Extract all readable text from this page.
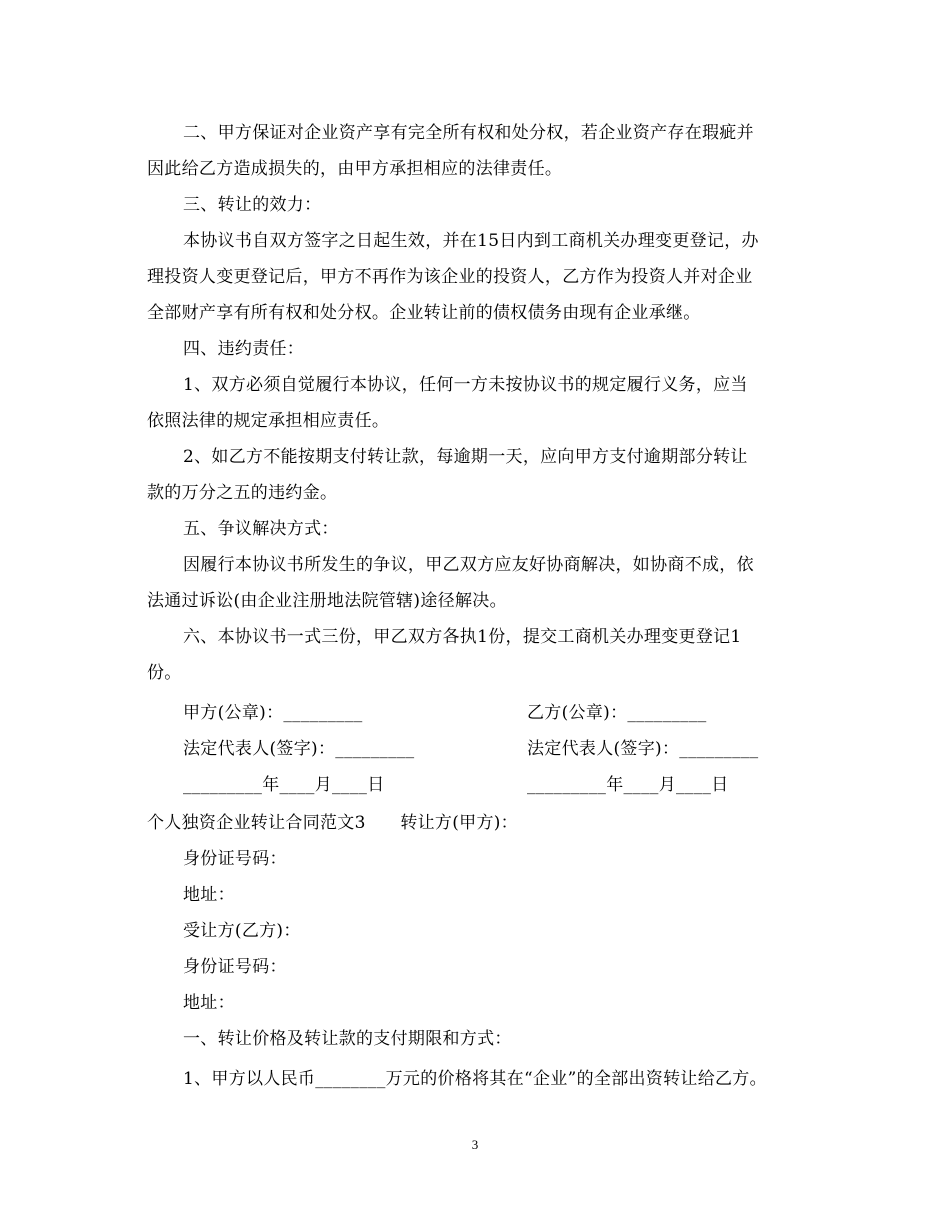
二、甲方保证对企业资产享有完全所有权和处分权，若企业资产存在瑕疵并
因此给乙方造成损失的，由甲方承担相应的法律责任。
三、转让的效力：
本协议书自双方签字之日起生效，并在15日内到工商机关办理变更登记，办
理投资人变更登记后，甲方不再作为该企业的投资人，乙方作为投资人并对企业
全部财产享有所有权和处分权。企业转让前的债权债务由现有企业承继。
四、违约责任：
1、双方必须自觉履行本协议，任何一方未按协议书的规定履行义务，应当
依照法律的规定承担相应责任。
2、如乙方不能按期支付转让款，每逾期一天，应向甲方支付逾期部分转让
款的万分之五的违约金。
五、争议解决方式：
因履行本协议书所发生的争议，甲乙双方应友好协商解决，如协商不成，依
法通过诉讼(由企业注册地法院管辖)途径解决。
六、本协议书一式三份，甲乙双方各执1份，提交工商机关办理变更登记1
份。
甲方(公章)：_________
法定代表人(签字)：_________
_________年____月____日
乙方(公章)：_________
法定代表人(签字)：_________
_________年____月____日
个人独资企业转让合同范文3　　转让方(甲方)：
身份证号码：
地址：
受让方(乙方)：
身份证号码：
地址：
一、转让价格及转让款的支付期限和方式：
1、甲方以人民币________万元的价格将其在“企业”的全部出资转让给乙方。
3
